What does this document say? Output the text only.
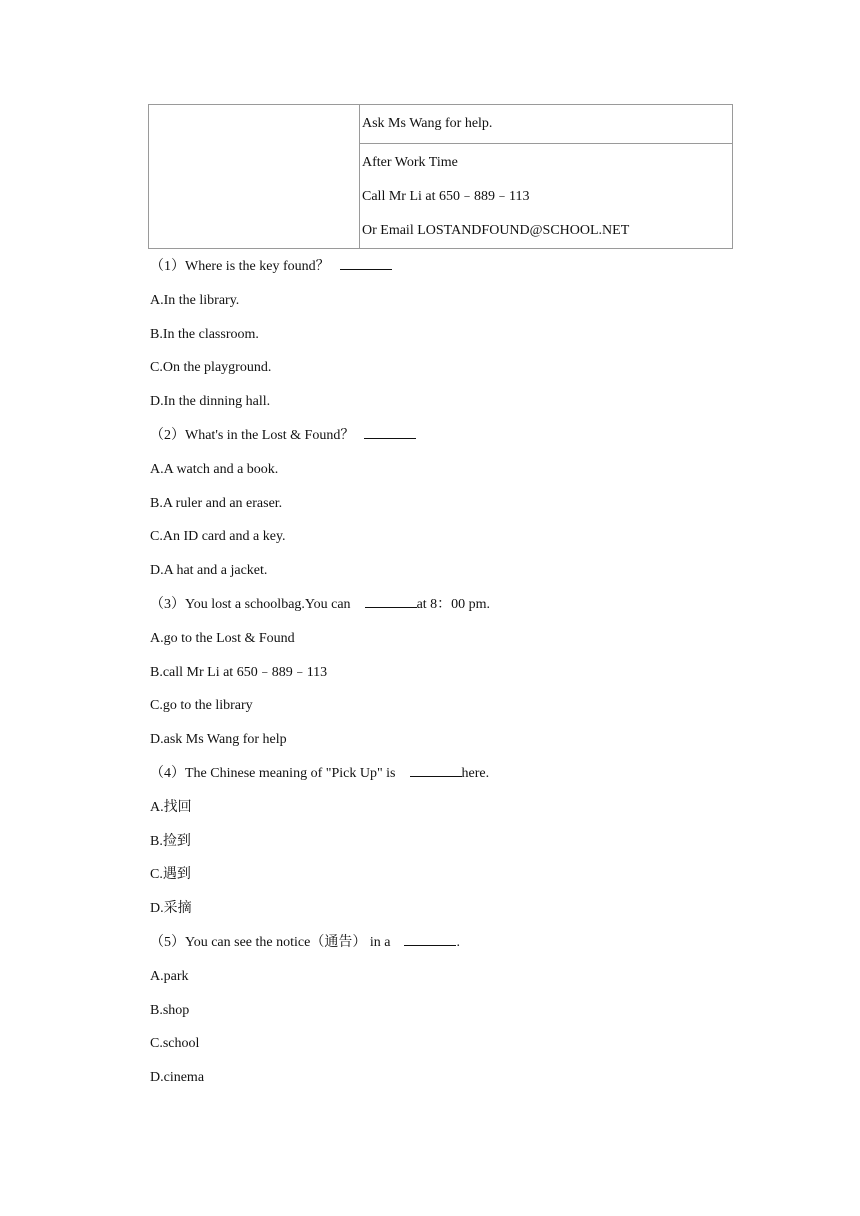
Ask Ms Wang for help.

After Work Time
Call Mr Li at 650﹣889﹣113
Or Email LOSTANDFOUND@SCHOOL.NET
（1）Where is the key found？
A.In the library.
B.In the classroom.
C.On the playground.
D.In the dinning hall.
（2）What's in the Lost & Found？
A.A watch and a book.
B.A ruler and an eraser.
C.An ID card and a key.
D.A hat and a jacket.
（3）You lost a schoolbag.You can	at 8：00 pm.
A.go to the Lost & Found
B.call Mr Li at 650﹣889﹣113
C.go to the library
D.ask Ms Wang for help
（4）The Chinese meaning of "Pick Up" is	here.
A.找回
B.捡到
C.遇到
D.采摘
（5）You can see the notice（通告） in a	.
A.park
B.shop
C.school
D.cinema
